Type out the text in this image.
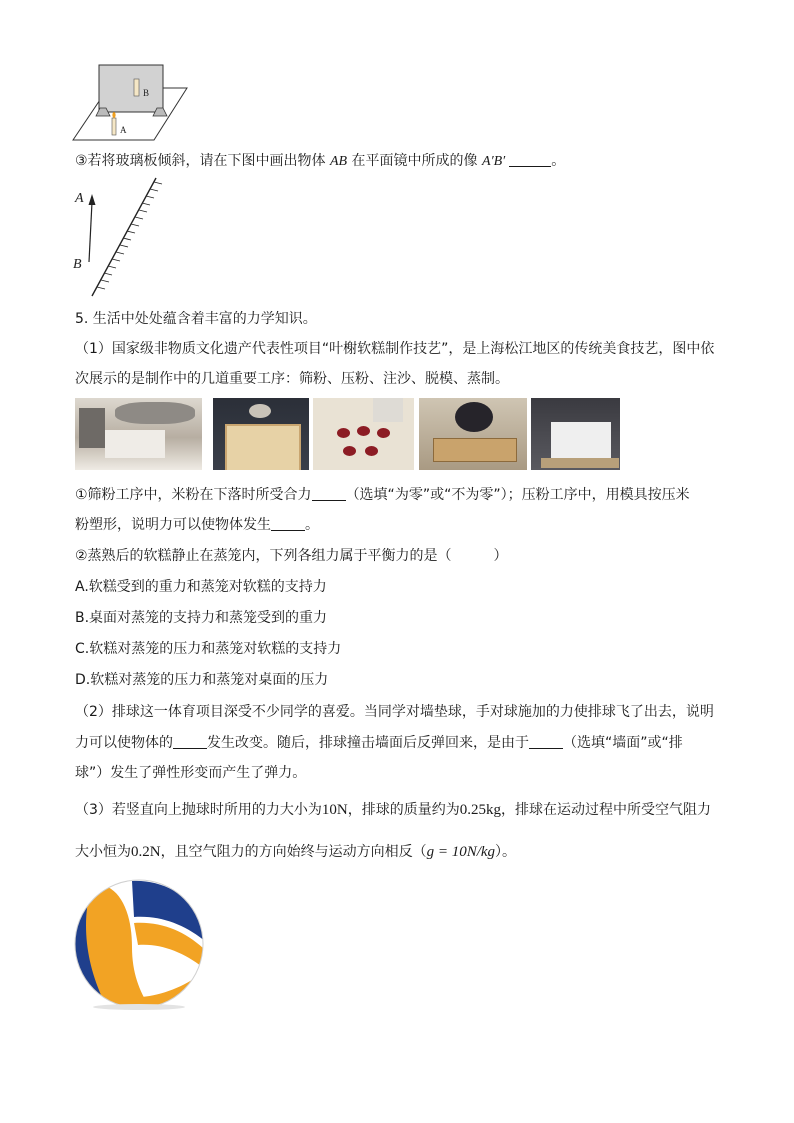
B
A
③若将玻璃板倾斜，请在下图中画出物体 AB 在平面镜中所成的像 A′B′	。
A
B
5. 生活中处处蕴含着丰富的力学知识。
（1）国家级非物质文化遗产代表性项目“叶榭软糕制作技艺”，是上海松江地区的传统美食技艺，图中依
次展示的是制作中的几道重要工序：筛粉、压粉、注沙、脱模、蒸制。
①筛粉工序中，米粉在下落时所受合力 （选填“为零”或“不为零”）；压粉工序中，用模具按压米
粉塑形，说明力可以使物体发生 。
②蒸熟后的软糕静止在蒸笼内，下列各组力属于平衡力的是（　　　）
A.软糕受到的重力和蒸笼对软糕的支持力
B.桌面对蒸笼的支持力和蒸笼受到的重力
C.软糕对蒸笼的压力和蒸笼对软糕的支持力
D.软糕对蒸笼的压力和蒸笼对桌面的压力
（2）排球这一体育项目深受不少同学的喜爱。当同学对墙垫球，手对球施加的力使排球飞了出去，说明
力可以使物体的 发生改变。随后，排球撞击墙面后反弹回来，是由于 （选填“墙面”或“排
球”）发生了弹性形变而产生了弹力。
（3）若竖直向上抛球时所用的力大小为10N，排球的质量约为0.25kg，排球在运动过程中所受空气阻力
大小恒为0.2N，且空气阻力的方向始终与运动方向相反（g = 10N/kg）。
